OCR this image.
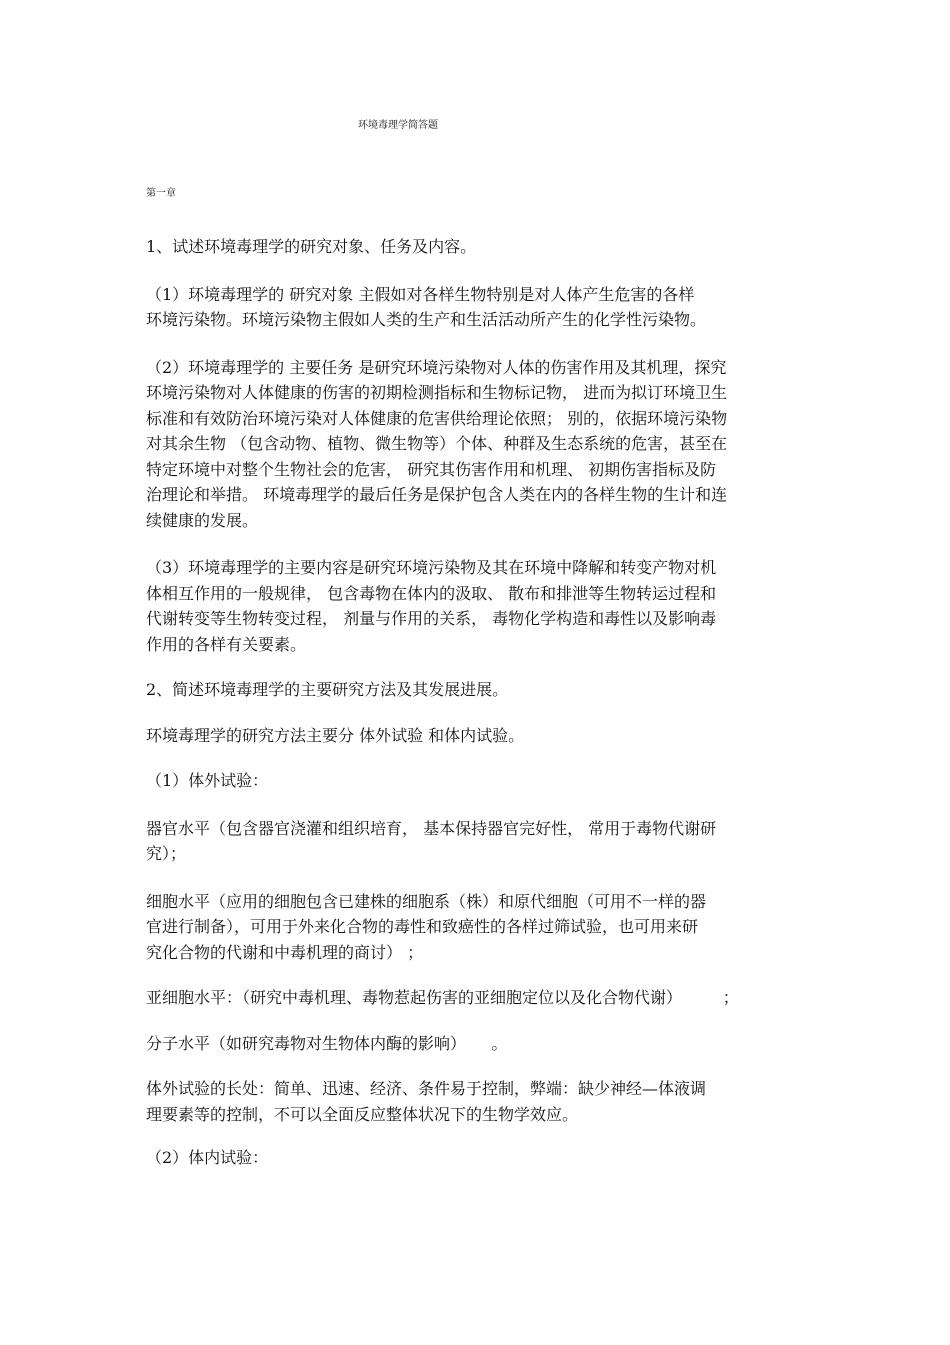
环境毒理学简答题
第一章

1、试述环境毒理学的研究对象、任务及内容。

（1）环境毒理学的 研究对象 主假如对各样生物特别是对人体产生危害的各样
环境污染物。环境污染物主假如人类的生产和生活活动所产生的化学性污染物。

（2）环境毒理学的 主要任务 是研究环境污染物对人体的伤害作用及其机理，探究
环境污染物对人体健康的伤害的初期检测指标和生物标记物， 进而为拟订环境卫生
标准和有效防治环境污染对人体健康的危害供给理论依照； 别的，依据环境污染物
对其余生物 （包含动物、植物、微生物等）个体、种群及生态系统的危害，甚至在
特定环境中对整个生物社会的危害， 研究其伤害作用和机理、 初期伤害指标及防
治理论和举措。 环境毒理学的最后任务是保护包含人类在内的各样生物的生计和连
续健康的发展。

（3）环境毒理学的主要内容是研究环境污染物及其在环境中降解和转变产物对机
体相互作用的一般规律， 包含毒物在体内的汲取、 散布和排泄等生物转运过程和
代谢转变等生物转变过程， 剂量与作用的关系， 毒物化学构造和毒性以及影响毒
作用的各样有关要素。

2、简述环境毒理学的主要研究方法及其发展进展。

环境毒理学的研究方法主要分 体外试验 和体内试验。

（1）体外试验：

器官水平（包含器官浇灌和组织培育， 基本保持器官完好性， 常用于毒物代谢研
究）；

细胞水平（应用的细胞包含已建株的细胞系（株）和原代细胞（可用不一样的器
官进行制备），可用于外来化合物的毒性和致癌性的各样过筛试验，也可用来研
究化合物的代谢和中毒机理的商讨） ；

亚细胞水平：（研究中毒机理、毒物惹起伤害的亚细胞定位以及化合物代谢）        ；

分子水平（如研究毒物对生物体内酶的影响）     。

体外试验的长处：简单、迅速、经济、条件易于控制，弊端：缺少神经—体液调
理要素等的控制，不可以全面反应整体状况下的生物学效应。

（2）体内试验：
